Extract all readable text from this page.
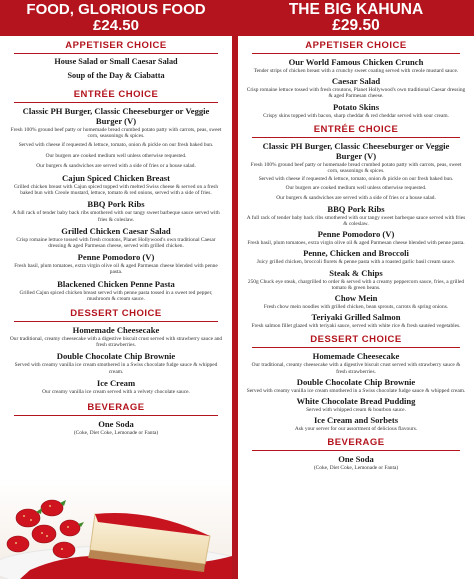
FOOD, GLORIOUS FOOD
£24.50
APPETISER CHOICE
House Salad or Small Caesar Salad
Soup of the Day & Ciabatta
ENTRÉE CHOICE
Classic PH Burger, Classic Cheeseburger or Veggie Burger (V)
Fresh 100% ground beef patty or homemade bread crumbed potato patty with carrots, peas, sweet corn, seasonings & spices.
Served with cheese if requested & lettuce, tomato, onion & pickle on our fresh baked bun.
Our burgers are cooked medium well unless otherwise requested.
Our burgers & sandwiches are served with a side of fries or a house salad.
Cajun Spiced Chicken Breast
Grilled chicken breast with Cajun spiced topped with melted Swiss cheese & served on a fresh baked bun with Creole mustard, lettuce, tomato & red onions, served with a side of fries.
BBQ Pork Ribs
A full rack of tender baby back ribs smothered with our tangy sweet barbeque sauce served with fries & coleslaw.
Grilled Chicken Caesar Salad
Crisp romaine lettuce tossed with fresh croutons, Planet Hollywood's own traditional Caesar dressing & aged Parmesan cheese, served with grilled chicken.
Penne Pomodoro (V)
Fresh basil, plum tomatoes, extra virgin olive oil & aged Parmesan cheese blended with penne pasta.
Blackened Chicken Penne Pasta
Grilled Cajun spiced chicken breast served with penne pasta tossed in a sweet red pepper, mushroom & cream sauce.
DESSERT CHOICE
Homemade Cheesecake
Our traditional, creamy cheesecake with a digestive biscuit crust served with strawberry sauce and fresh strawberries.
Double Chocolate Chip Brownie
Served with creamy vanilla ice cream smothered in a Swiss chocolate fudge sauce & whipped cream.
Ice Cream
Our creamy vanilla ice cream served with a velvety chocolate sauce.
BEVERAGE
One Soda
(Coke, Diet Coke, Lemonade or Fanta)
THE BIG KAHUNA
£29.50
APPETISER CHOICE
Our World Famous Chicken Crunch
Tender strips of chicken breast with a crunchy sweet coating served with creole mustard sauce.
Caesar Salad
Crisp romaine lettuce tossed with fresh croutons, Planet Hollywood's own traditional Caesar dressing & aged Parmesan cheese.
Potato Skins
Crispy skins topped with bacon, sharp cheddar & red cheddar served with sour cream.
ENTRÉE CHOICE
Classic PH Burger, Classic Cheeseburger or Veggie Burger (V)
Fresh 100% ground beef patty or homemade bread crumbed potato patty with carrots, peas, sweet corn, seasonings & spices.
Served with cheese if requested & lettuce, tomato, onion & pickle on our fresh baked bun.
Our burgers are cooked medium well unless otherwise requested.
Our burgers & sandwiches are served with a side of fries or a house salad.
BBQ Pork Ribs
A full rack of tender baby back ribs smothered with our tangy sweet barbeque sauce served with fries & coleslaw.
Penne Pomodoro (V)
Fresh basil, plum tomatoes, extra virgin olive oil & aged Parmesan cheese blended with penne pasta.
Penne, Chicken and Broccoli
Juicy grilled chicken, broccoli florets & penne pasta with a roasted garlic basil cream sauce.
Steak & Chips
250g Chuck eye steak, chargrilled to order & served with a creamy peppercorn sauce, fries, a grilled tomato & green beans.
Chow Mein
Fresh chow mein noodles with grilled chicken, bean sprouts, carrots & spring onions.
Teriyaki Grilled Salmon
Fresh salmon fillet glazed with teriyaki sauce, served with white rice & fresh sautéed vegetables.
DESSERT CHOICE
Homemade Cheesecake
Our traditional, creamy cheesecake with a digestive biscuit crust served with strawberry sauce & fresh strawberries.
Double Chocolate Chip Brownie
Served with creamy vanilla ice cream smothered in a Swiss chocolate fudge sauce & whipped cream.
White Chocolate Bread Pudding
Served with whipped cream & bourbon sauce.
Ice Cream and Sorbets
Ask your server for our assortment of delicious flavours.
BEVERAGE
One Soda
(Coke, Diet Coke, Lemonade or Fanta)
